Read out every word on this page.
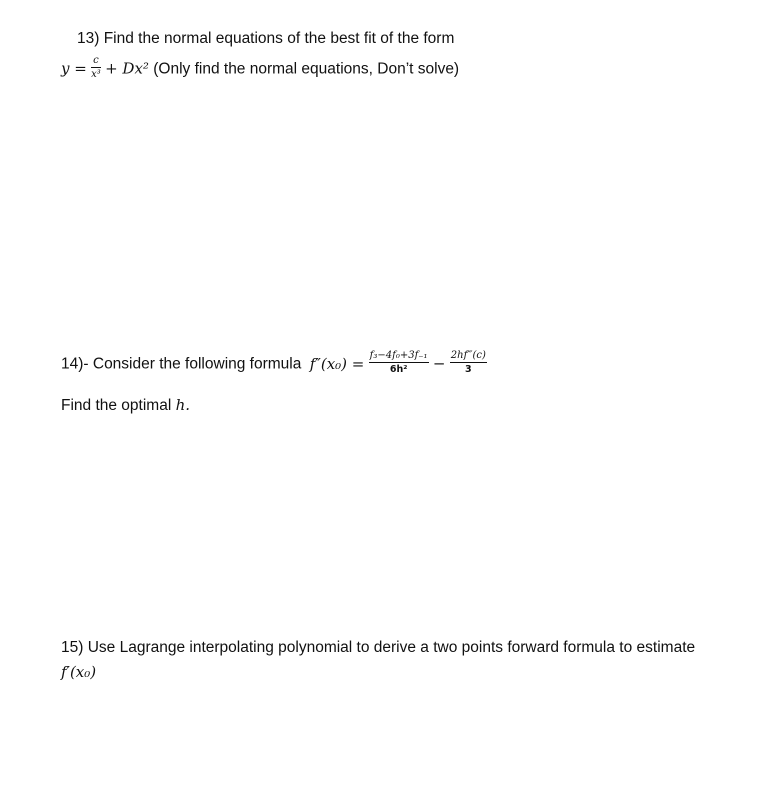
13) Find the normal equations of the best fit of the form
$y = \frac{c}{\text{x³}} + Dx^2$ (Only find the normal equations, Don’t solve)
14)- Consider the following formula $f''(x_0) = \frac{\text{f₃−4f₀+3f₋₁}}{\text{6h²}} - \frac{2hf‴(c)}{3}$
Find the optimal h.
15) Use Lagrange interpolating polynomial to derive a two points forward formula to estimate
f′(x₀)
